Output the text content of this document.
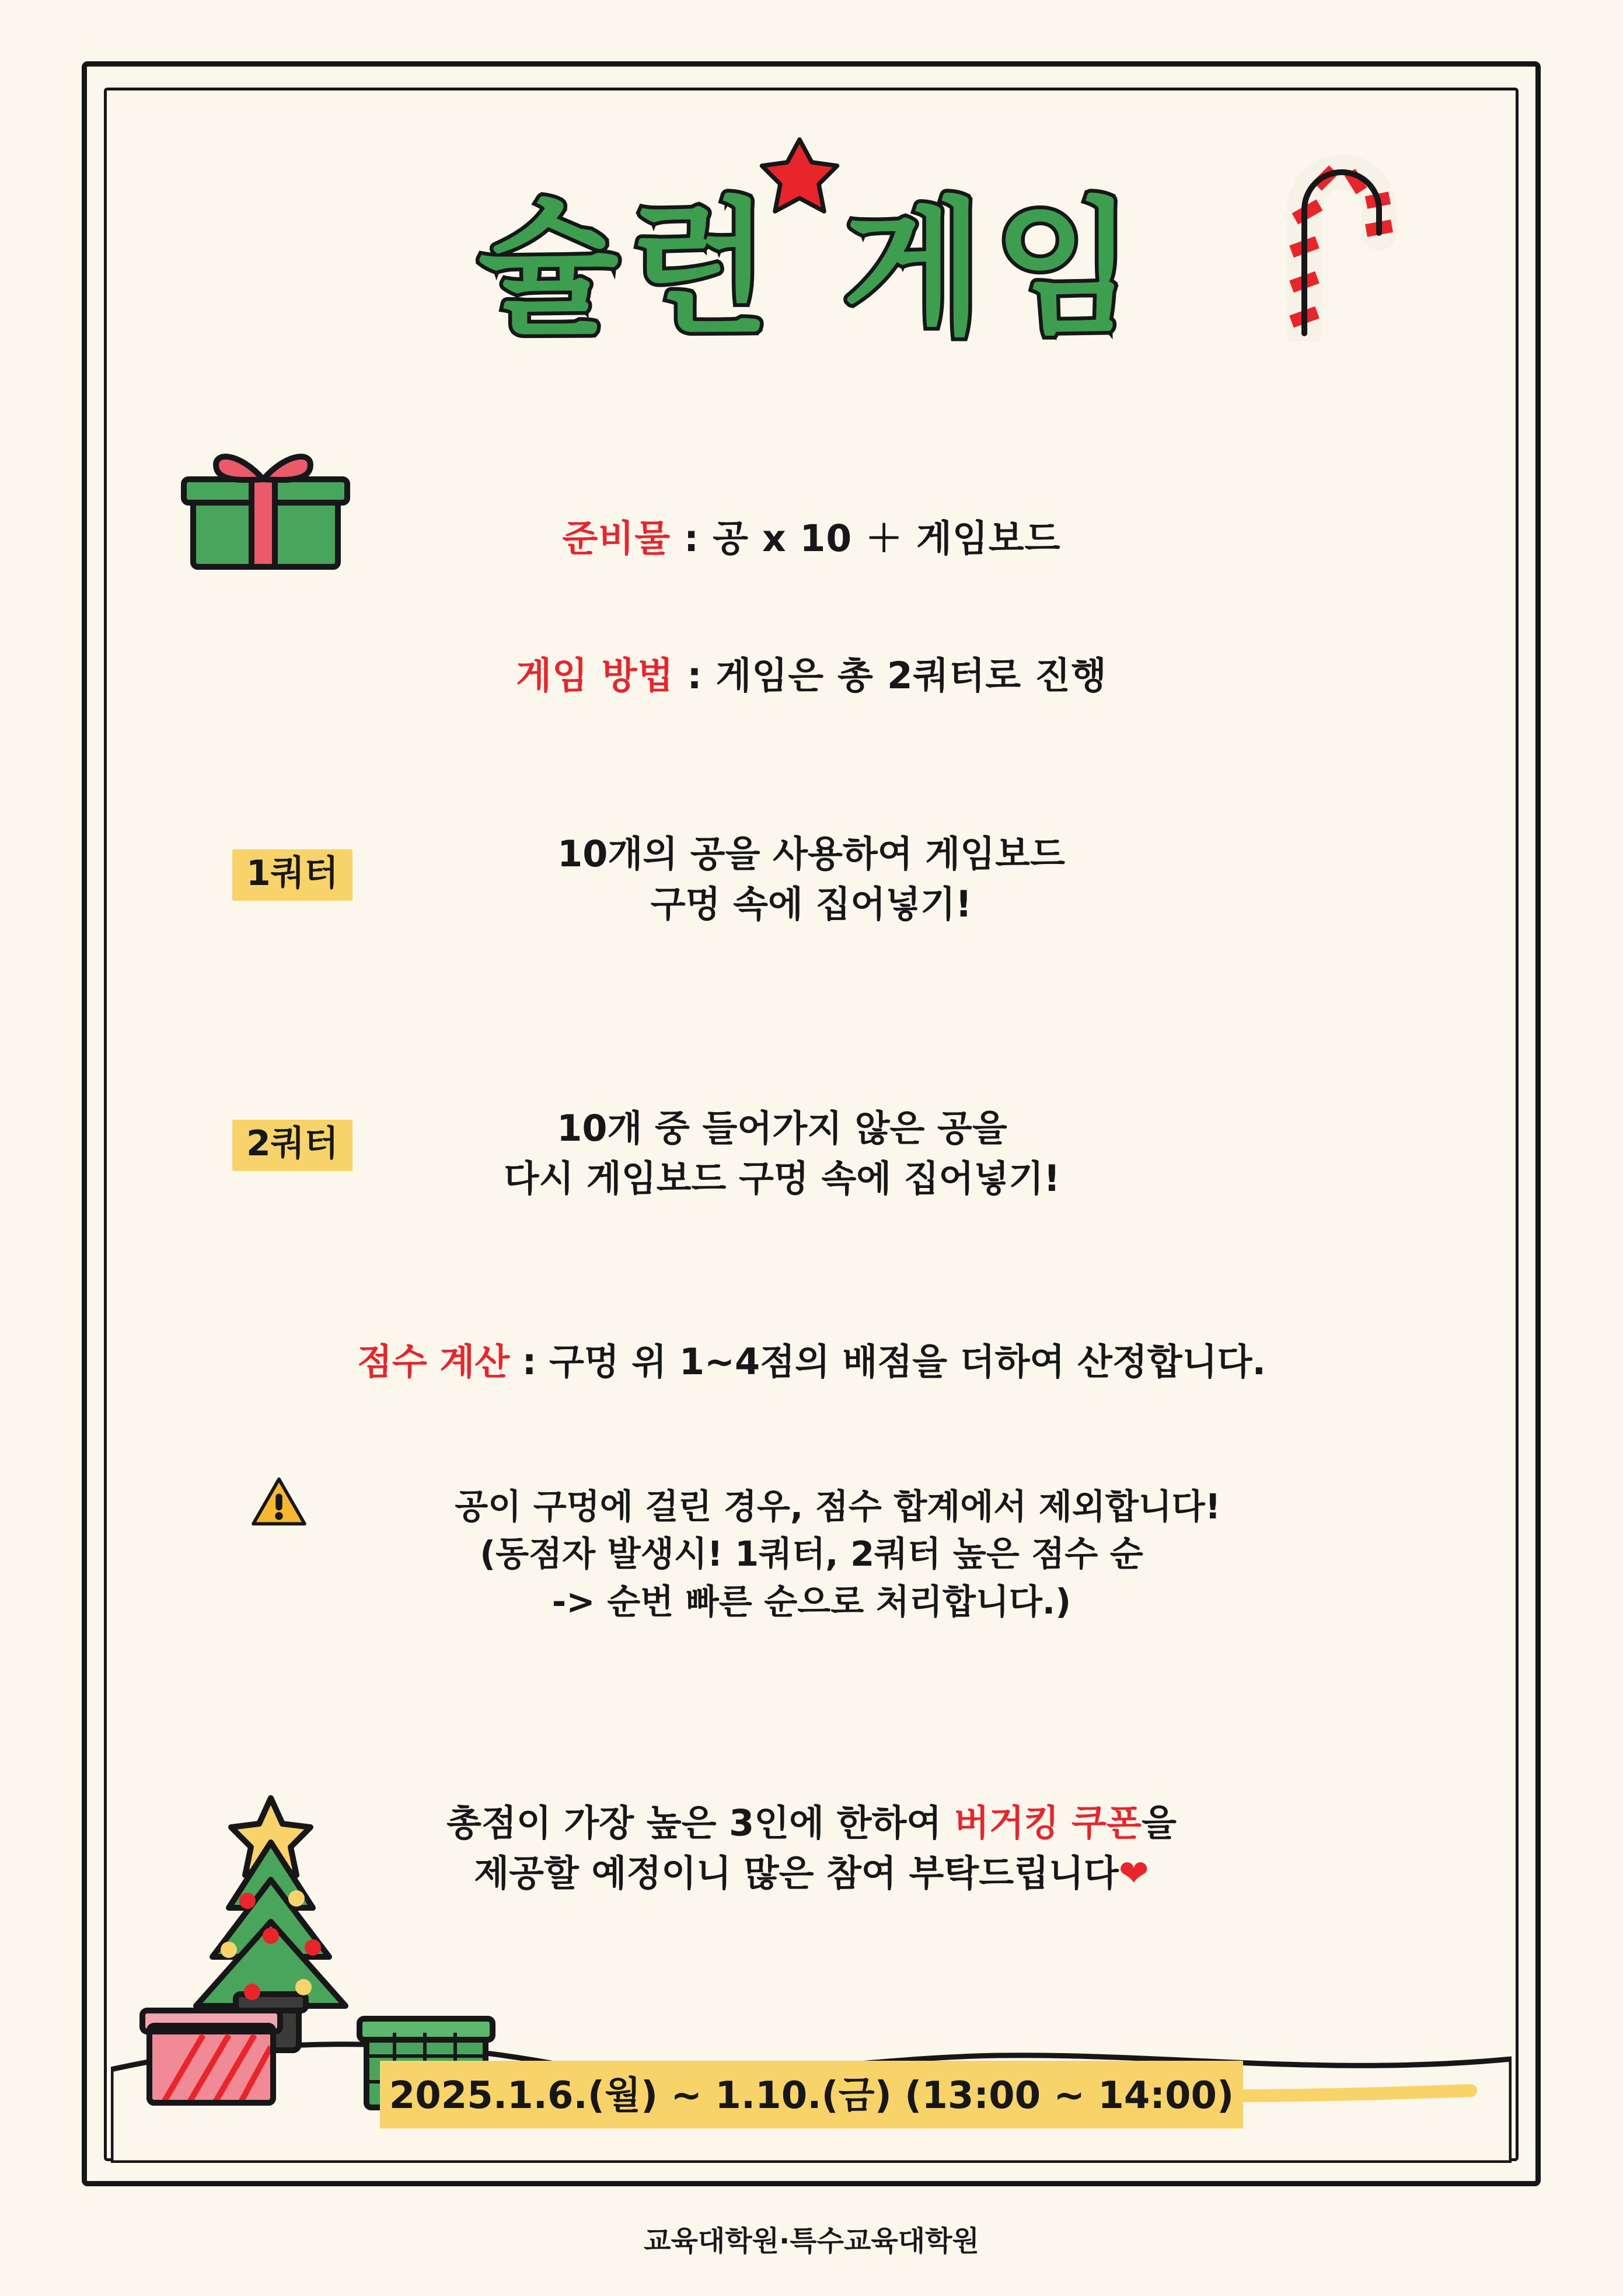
슐런 게임
준비물 : 공 x 10 ＋ 게임보드
게임 방법 : 게임은 총 2쿼터로 진행
1쿼터	10개의 공을 사용하여 게임보드
구멍 속에 집어넣기!
2쿼터	10개 중 들어가지 않은 공을
다시 게임보드 구멍 속에 집어넣기!
점수 계산 : 구멍 위 1~4점의 배점을 더하여 산정합니다.
공이 구멍에 걸린 경우, 점수 합계에서 제외합니다!
(동점자 발생시! 1쿼터, 2쿼터 높은 점수 순
-> 순번 빠른 순으로 처리합니다.)
총점이 가장 높은 3인에 한하여 버거킹 쿠폰을
제공할 예정이니 많은 참여 부탁드립니다❤
2025.1.6.(월) ~ 1.10.(금) (13:00 ~ 14:00)
교육대학원·특수교육대학원
